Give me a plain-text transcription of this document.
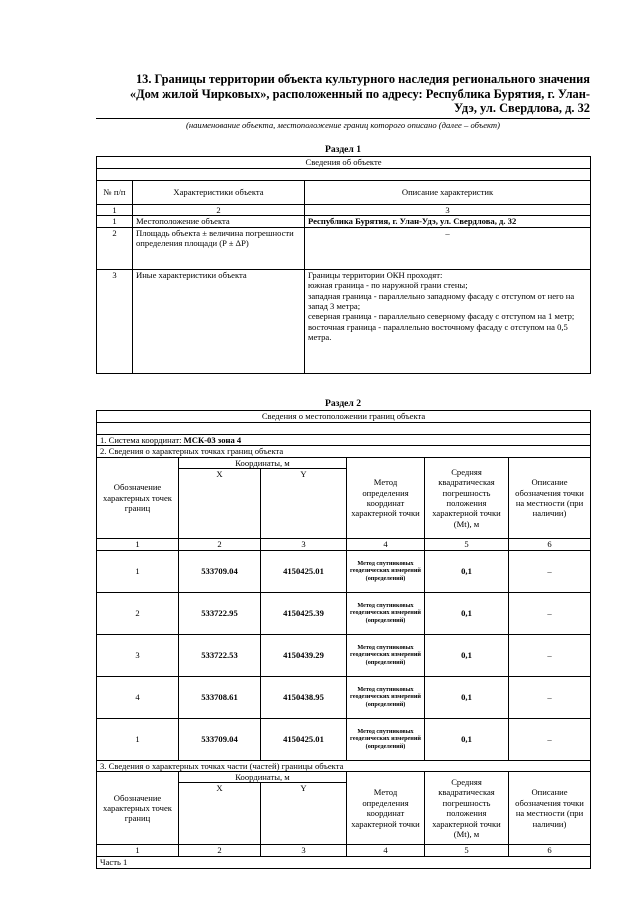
13. Границы территории объекта культурного наследия регионального значения
«Дом жилой Чирковых», расположенный по адресу: Республика Бурятия, г. Улан-
Удэ, ул. Свердлова, д. 32
(наименование объекта, местоположение границ которого описано (далее – объект)
Раздел 1
Сведения об объекте		

№ п/п	Характеристики объекта	Описание характеристик
1	2	3
1	Местоположение объекта	Республика Бурятия, г. Улан-Удэ, ул. Свердлова, д. 32
2	Площадь объекта ± величина погрешности определения площади (P ± ΔP)	–
3	Иные характеристики объекта	Границы территории ОКН проходят:
южная граница - по наружной грани стены;
западная граница - параллельно западному фасаду с отступом от него на запад 3 метра;
северная граница - параллельно северному фасаду с отступом на 1 метр;
восточная граница - параллельно восточному фасаду с отступом на 0,5 метра.
Раздел 2
Сведения о местоположении границ объекта					

1. Система координат: МСК-03 зона 4					
2. Сведения о характерных точках границ объекта					
Обозначение характерных точек границ	Координаты, м		Метод определения координат характерной точки	Средняя квадратическая погрешность положения характерной точки (Mt), м	Описание обозначения точки на местности (при наличии)
	X	Y			
1	2	3	4	5	6
1	533709.04	4150425.01	Метод спутниковых геодезических измерений (определений)	0,1	–
2	533722.95	4150425.39	Метод спутниковых геодезических измерений (определений)	0,1	–
3	533722.53	4150439.29	Метод спутниковых геодезических измерений (определений)	0,1	–
4	533708.61	4150438.95	Метод спутниковых геодезических измерений (определений)	0,1	–
1	533709.04	4150425.01	Метод спутниковых геодезических измерений (определений)	0,1	–
3. Сведения о характерных точках части (частей) границы объекта					
Обозначение характерных точек границ	Координаты, м		Метод определения координат характерной точки	Средняя квадратическая погрешность положения характерной точки (Mt), м	Описание обозначения точки на местности (при наличии)
	X	Y			
1	2	3	4	5	6
Часть 1					
